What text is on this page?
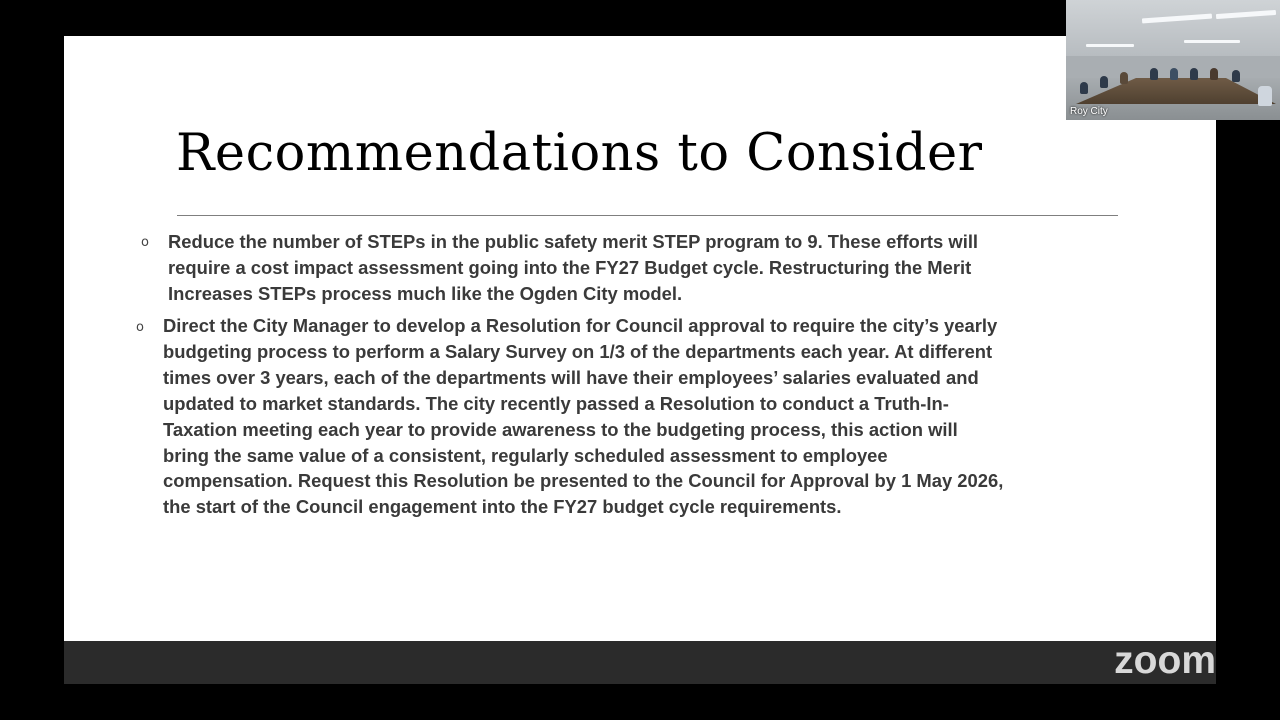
Recommendations to Consider
o Reduce the number of STEPs in the public safety merit STEP program to 9. These efforts will
require a cost impact assessment going into the FY27 Budget cycle. Restructuring the Merit
Increases STEPs process much like the Ogden City model.
o Direct the City Manager to develop a Resolution for Council approval to require the city’s yearly
budgeting process to perform a Salary Survey on 1/3 of the departments each year. At different
times over 3 years, each of the departments will have their employees’ salaries evaluated and
updated to market standards. The city recently passed a Resolution to conduct a Truth-In-
Taxation meeting each year to provide awareness to the budgeting process, this action will
bring the same value of a consistent, regularly scheduled assessment to employee
compensation. Request this Resolution be presented to the Council for Approval by 1 May 2026,
the start of the Council engagement into the FY27 budget cycle requirements.
zoom
Roy City
